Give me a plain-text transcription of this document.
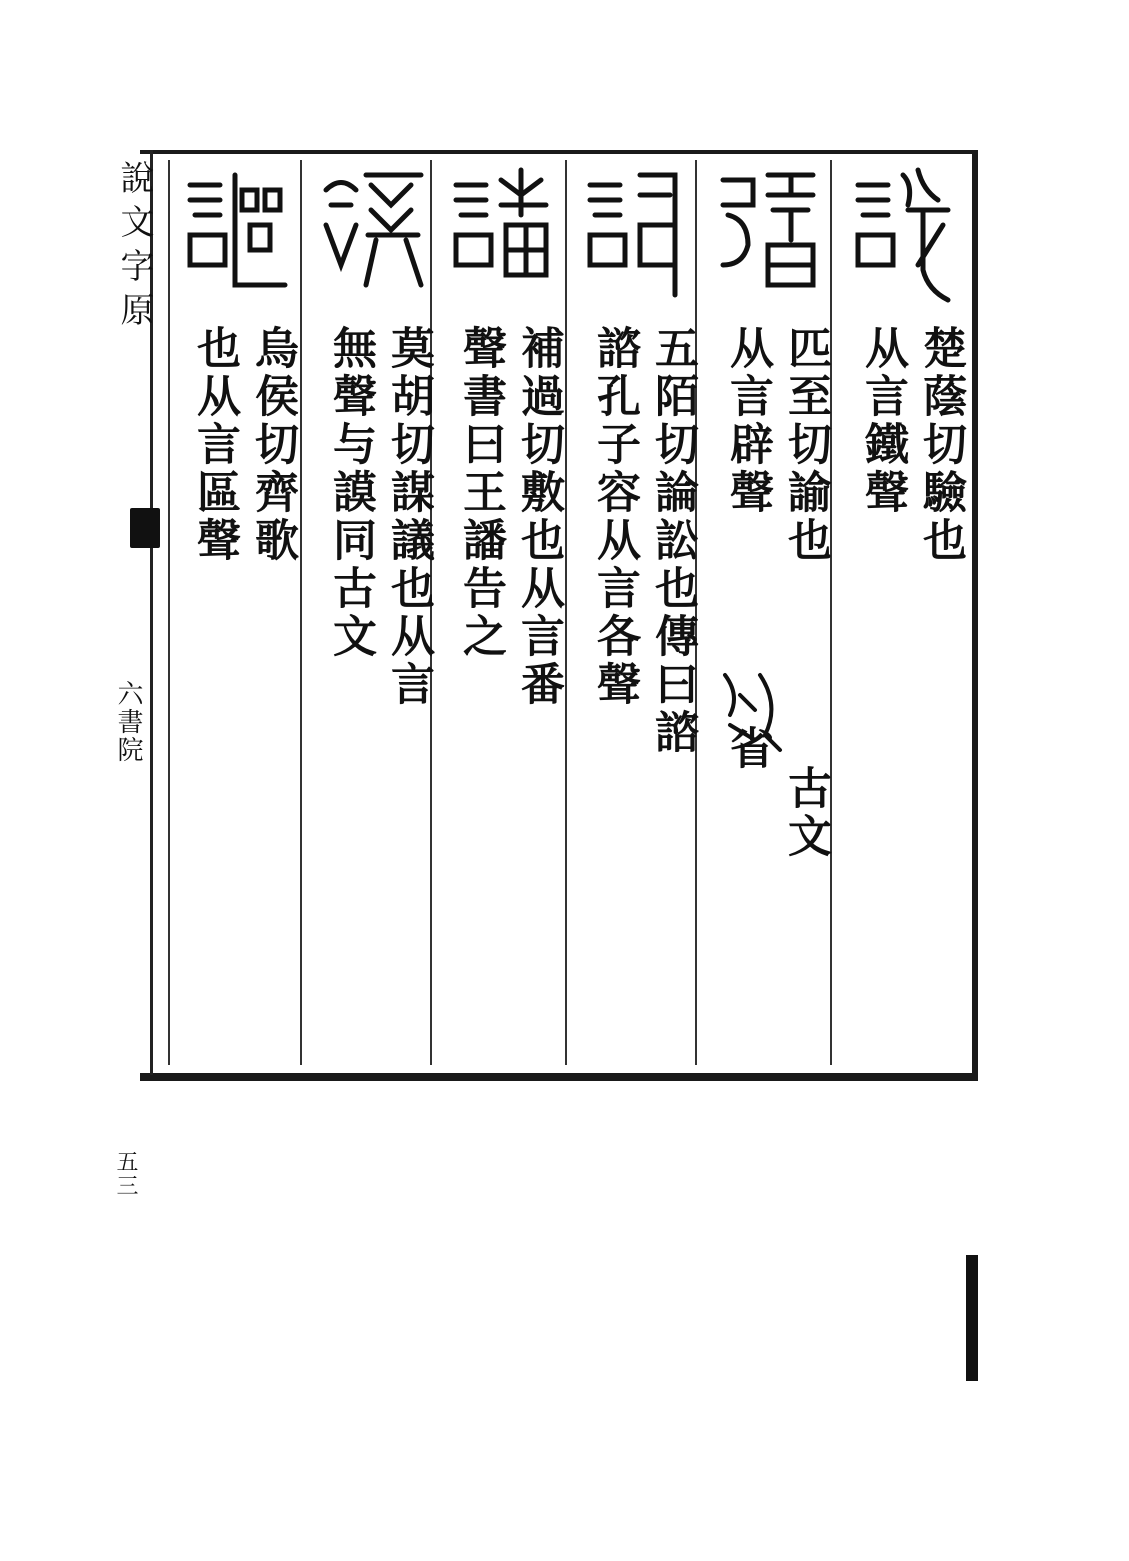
說文字原
六書院
五三
楚蔭切驗也
从言鐵聲
匹至切諭也
从言辟聲
古文
省
五陌切論訟也傳曰諮
諮孔子容从言各聲
補過切敷也从言番
聲書曰王譒告之
莫胡切謀議也从言
無聲与謨同古文
烏侯切齊歌
也从言區聲
